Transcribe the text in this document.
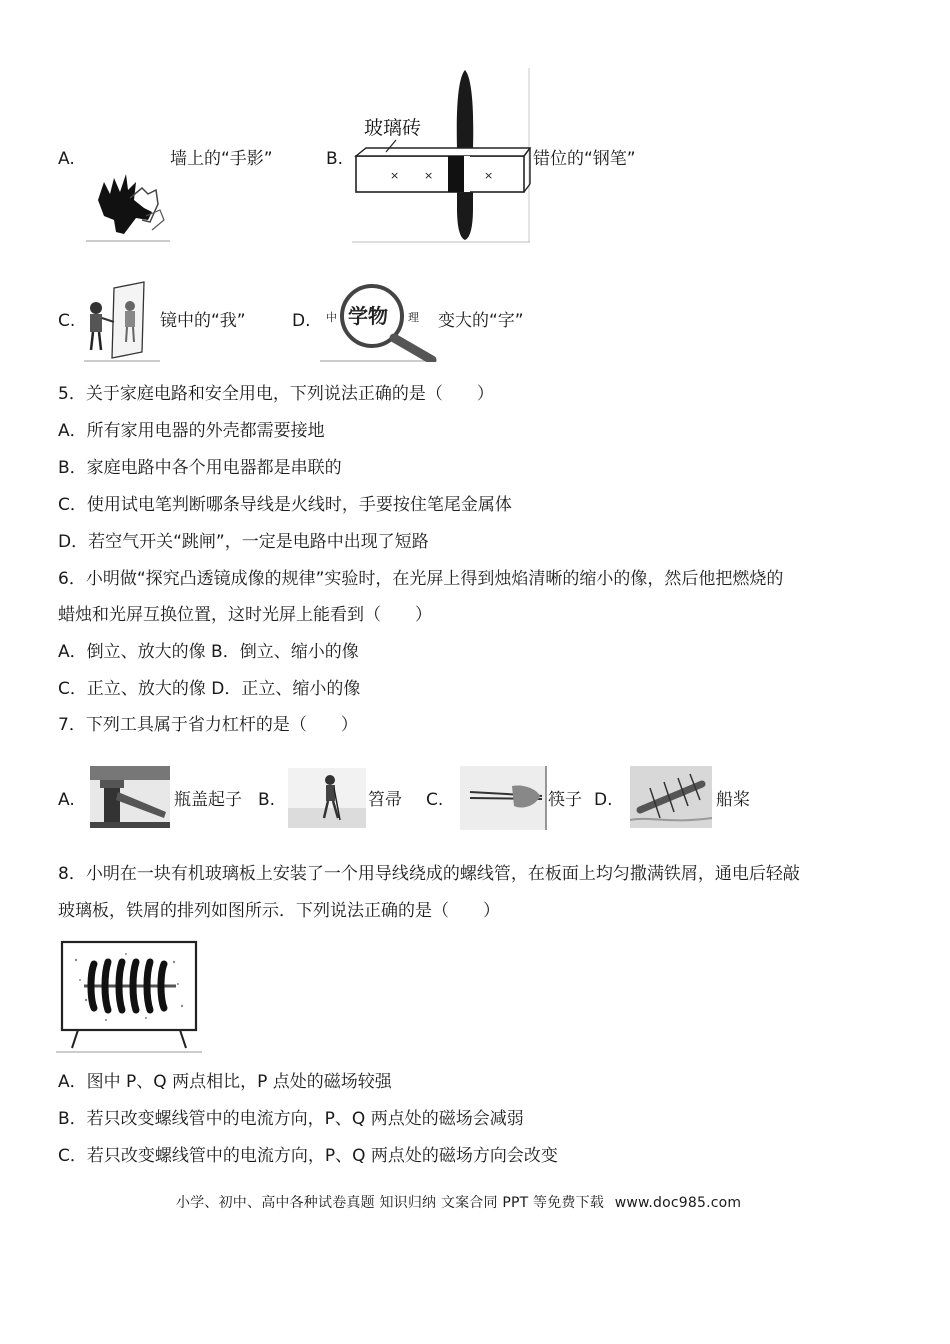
A.	墙上的“手影”	B.
× ×	×
玻璃砖
错位的“钢笔”
C.	镜中的“我”	D. 中 学物 理 变大的“字”
5．关于家庭电路和安全用电，下列说法正确的是（　　）
A．所有家用电器的外壳都需要接地
B．家庭电路中各个用电器都是串联的
C．使用试电笔判断哪条导线是火线时，手要按住笔尾金属体
D．若空气开关“跳闸”，一定是电路中出现了短路
6．小明做“探究凸透镜成像的规律”实验时，在光屏上得到烛焰清晰的缩小的像，然后他把燃烧的
蜡烛和光屏互换位置，这时光屏上能看到（　　）
A．倒立、放大的像 B．倒立、缩小的像
C．正立、放大的像 D．正立、缩小的像
7．下列工具属于省力杠杆的是（　　）
A.	瓶盖起子 B.	笤帚 C.	筷子 D.	船桨
8．小明在一块有机玻璃板上安装了一个用导线绕成的螺线管，在板面上均匀撒满铁屑，通电后轻敲
玻璃板，铁屑的排列如图所示．下列说法正确的是（　　）
A．图中 P、Q 两点相比，P 点处的磁场较强
B．若只改变螺线管中的电流方向，P、Q 两点处的磁场会减弱
C．若只改变螺线管中的电流方向，P、Q 两点处的磁场方向会改变
小学、初中、高中各种试卷真题 知识归纳 文案合同 PPT 等免费下载 www.doc985.com
